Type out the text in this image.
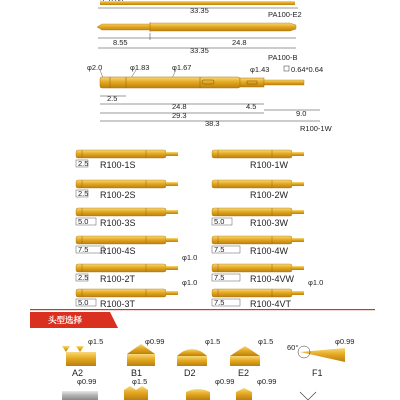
33.35	PA100-E2
8.55	24.8
33.35
PA100-B
φ2.0	φ1.83	φ1.67	φ1.43	0.64*0.64
2.5
24.8	4.5
9.0
29.3
38.3
R100-1W
2.5 R100-1S
2.5 R100-2S
5.0 R100-3S
7.5 R100-4S
2.5 R100-2T
φ1.0
5.0 R100-3T
φ1.0
R100-1W
R100-2W
5.0	R100-3W
7.5	R100-4W
7.5	R100-4VW
7.5	R100-4VT
φ1.0
头型选择
φ1.5
A2
φ0.99
B1
φ1.5
D2
φ1.5
E2
φ0.99
60°
F1
φ0.99	φ1.5	φ0.99	φ0.99
